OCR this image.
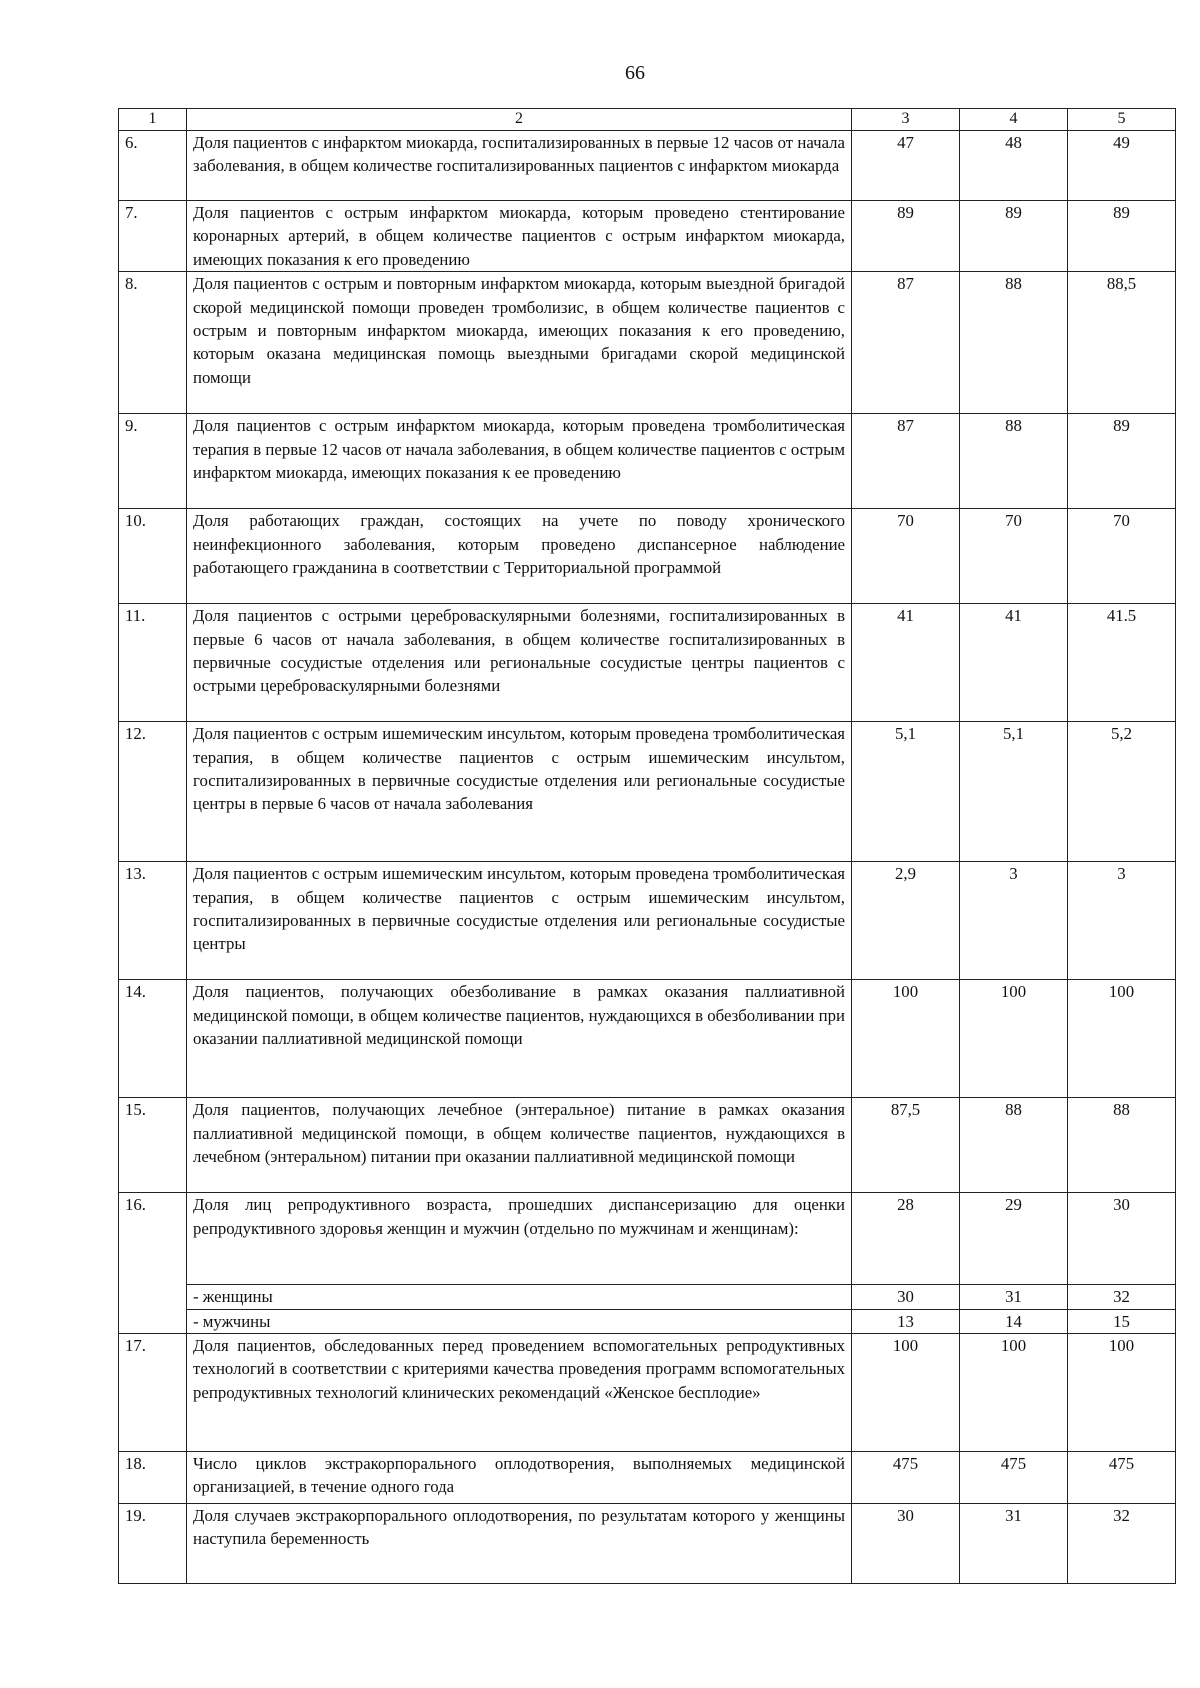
66
1	2	3	4	5
6.	Доля пациентов с инфарктом миокарда, госпитализированных в первые 12 часов от начала заболевания, в общем количестве госпитализированных пациентов с инфарктом миокарда	47	48	49
7.	Доля пациентов с острым инфарктом миокарда, которым проведено стентирование коронарных артерий, в общем количестве пациентов с острым инфарктом миокарда, имеющих показания к его проведению	89	89	89
8.	Доля пациентов с острым и повторным инфарктом миокарда, которым выездной бригадой скорой медицинской помощи проведен тромболизис, в общем количестве пациентов с острым и повторным инфарктом миокарда, имеющих показания к его проведению, которым оказана медицинская помощь выездными бригадами скорой медицинской помощи	87	88	88,5
9.	Доля пациентов с острым инфарктом миокарда, которым проведена тромболитическая терапия в первые 12 часов от начала заболевания, в общем количестве пациентов с острым инфарктом миокарда, имеющих показания к ее проведению	87	88	89
10.	Доля работающих граждан, состоящих на учете по поводу хронического неинфекционного заболевания, которым проведено диспансерное наблюдение работающего гражданина в соответствии с Территориальной программой	70	70	70
11.	Доля пациентов с острыми цереброваскулярными болезнями, госпитализированных в первые 6 часов от начала заболевания, в общем количестве госпитализированных в первичные сосудистые отделения или региональные сосудистые центры пациентов с острыми цереброваскулярными болезнями	41	41	41.5
12.	Доля пациентов с острым ишемическим инсультом, которым проведена тромболитическая терапия, в общем количестве пациентов с острым ишемическим инсультом, госпитализированных в первичные сосудистые отделения или региональные сосудистые центры в первые 6 часов от начала заболевания	5,1	5,1	5,2
13.	Доля пациентов с острым ишемическим инсультом, которым проведена тромболитическая терапия, в общем количестве пациентов с острым ишемическим инсультом, госпитализированных в первичные сосудистые отделения или региональные сосудистые центры	2,9	3	3
14.	Доля пациентов, получающих обезболивание в рамках оказания паллиативной медицинской помощи, в общем количестве пациентов, нуждающихся в обезболивании при оказании паллиативной медицинской помощи	100	100	100
15.	Доля пациентов, получающих лечебное (энтеральное) питание в рамках оказания паллиативной медицинской помощи, в общем количестве пациентов, нуждающихся в лечебном (энтеральном) питании при оказании паллиативной медицинской помощи	87,5	88	88
16.	Доля лиц репродуктивного возраста, прошедших диспансеризацию для оценки репродуктивного здоровья женщин и мужчин (отдельно по мужчинам и женщинам):	28	29	30
	- женщины	30	31	32
	- мужчины	13	14	15
17.	Доля пациентов, обследованных перед проведением вспомогательных репродуктивных технологий в соответствии с критериями качества проведения программ вспомогательных репродуктивных технологий клинических рекомендаций «Женское бесплодие»	100	100	100
18.	Число циклов экстракорпорального оплодотворения, выполняемых медицинской организацией, в течение одного года	475	475	475
19.	Доля случаев экстракорпорального оплодотворения, по результатам которого у женщины наступила беременность	30	31	32
